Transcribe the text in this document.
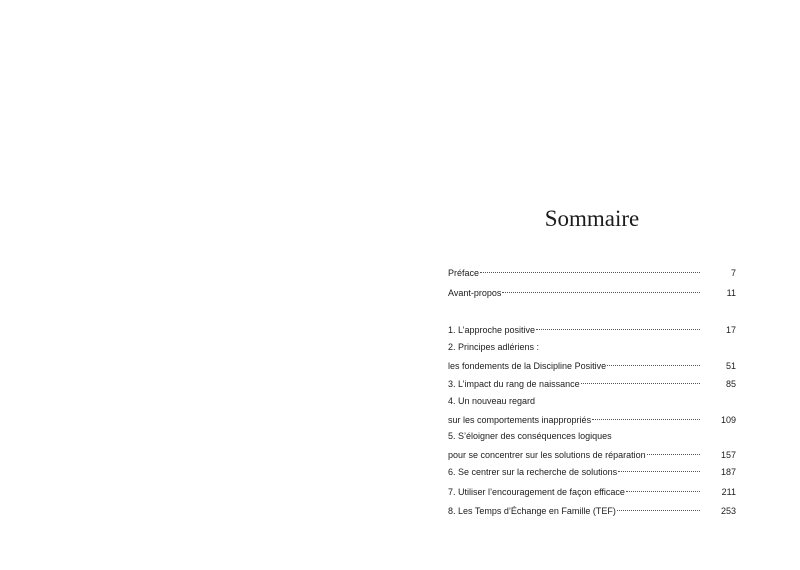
Sommaire
Préface	7
Avant-propos	11
1. L’approche positive	17
2. Principes adlériens :
les fondements de la Discipline Positive	51
3. L’impact du rang de naissance	85
4. Un nouveau regard
sur les comportements inappropriés	109
5. S’éloigner des conséquences logiques
pour se concentrer sur les solutions de réparation	157
6. Se centrer sur la recherche de solutions	187
7. Utiliser l’encouragement de façon efficace	211
8. Les Temps d’Échange en Famille (TEF)	253
